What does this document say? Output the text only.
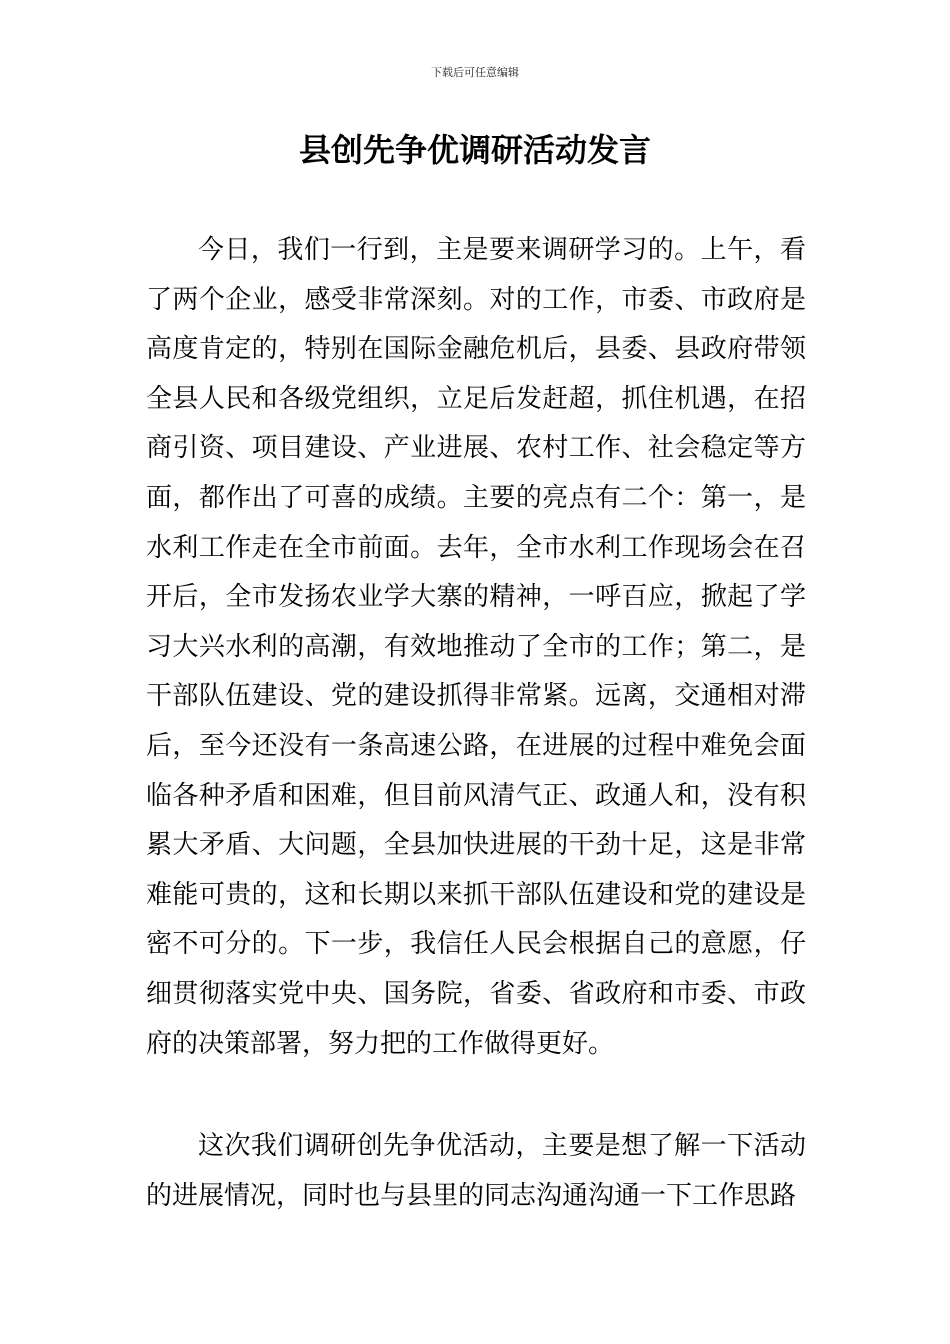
下载后可任意编辑
县创先争优调研活动发言

今日，我们一行到，主是要来调研学习的。上午，看了两个企业，感受非常深刻。对的工作，市委、市政府是高度肯定的，特别在国际金融危机后，县委、县政府带领全县人民和各级党组织，立足后发赶超，抓住机遇，在招商引资、项目建设、产业进展、农村工作、社会稳定等方面，都作出了可喜的成绩。主要的亮点有二个：第一，是水利工作走在全市前面。去年，全市水利工作现场会在召开后，全市发扬农业学大寨的精神，一呼百应，掀起了学习大兴水利的高潮，有效地推动了全市的工作；第二，是干部队伍建设、党的建设抓得非常紧。远离，交通相对滞后，至今还没有一条高速公路，在进展的过程中难免会面临各种矛盾和困难，但目前风清气正、政通人和，没有积累大矛盾、大问题，全县加快进展的干劲十足，这是非常难能可贵的，这和长期以来抓干部队伍建设和党的建设是密不可分的。下一步，我信任人民会根据自己的意愿，仔细贯彻落实党中央、国务院，省委、省政府和市委、市政府的决策部署，努力把的工作做得更好。

这次我们调研创先争优活动，主要是想了解一下活动的进展情况，同时也与县里的同志沟通沟通一下工作思路
